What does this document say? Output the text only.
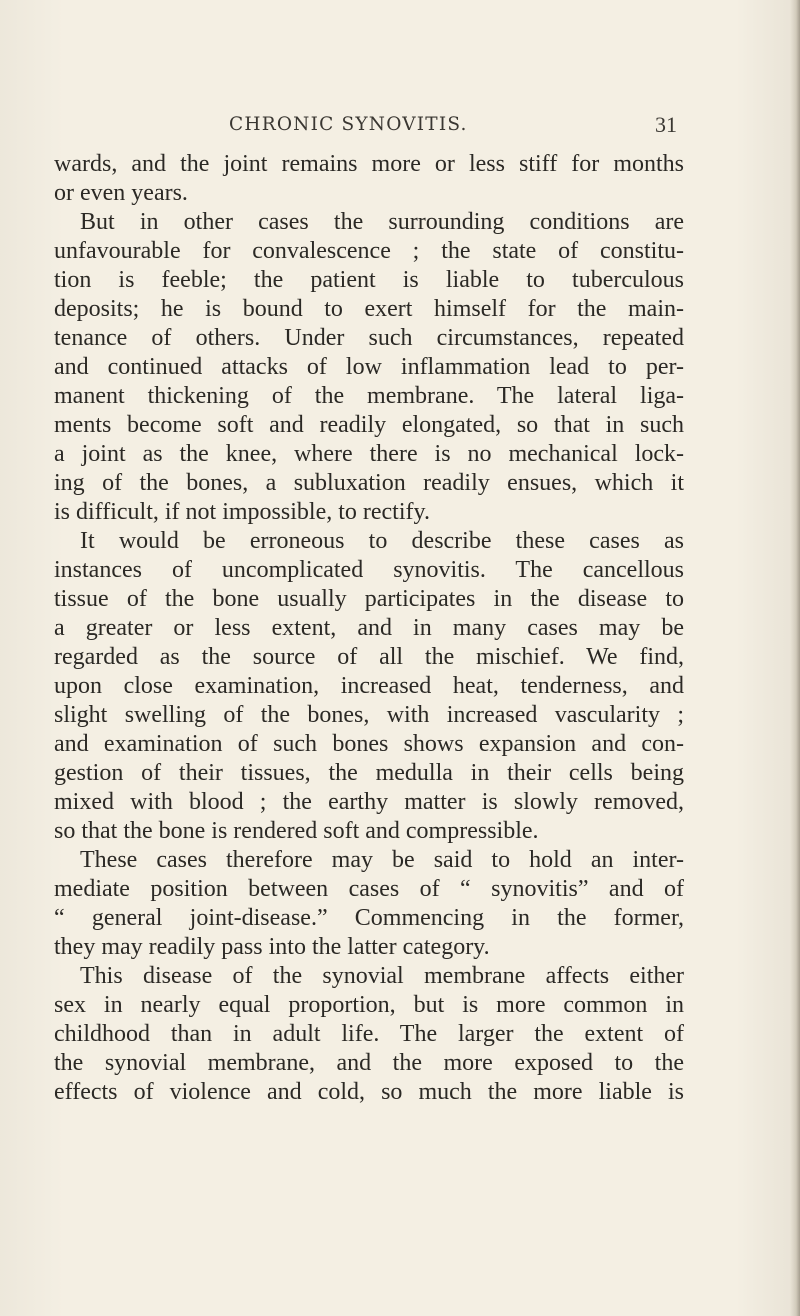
CHRONIC SYNOVITIS.	31
wards, and the joint remains more or less stiff for months
or even years.
But in other cases the surrounding conditions are
unfavourable for convalescence ; the state of constitu-
tion is feeble; the patient is liable to tuberculous
deposits; he is bound to exert himself for the main-
tenance of others. Under such circumstances, repeated
and continued attacks of low inflammation lead to per-
manent thickening of the membrane. The lateral liga-
ments become soft and readily elongated, so that in such
a joint as the knee, where there is no mechanical lock-
ing of the bones, a subluxation readily ensues, which it
is difficult, if not impossible, to rectify.
It would be erroneous to describe these cases as
instances of uncomplicated synovitis. The cancellous
tissue of the bone usually participates in the disease to
a greater or less extent, and in many cases may be
regarded as the source of all the mischief. We find,
upon close examination, increased heat, tenderness, and
slight swelling of the bones, with increased vascularity ;
and examination of such bones shows expansion and con-
gestion of their tissues, the medulla in their cells being
mixed with blood ; the earthy matter is slowly removed,
so that the bone is rendered soft and compressible.
These cases therefore may be said to hold an inter-
mediate position between cases of “ synovitis” and of
“ general joint-disease.” Commencing in the former,
they may readily pass into the latter category.
This disease of the synovial membrane affects either
sex in nearly equal proportion, but is more common in
childhood than in adult life. The larger the extent of
the synovial membrane, and the more exposed to the
effects of violence and cold, so much the more liable is
